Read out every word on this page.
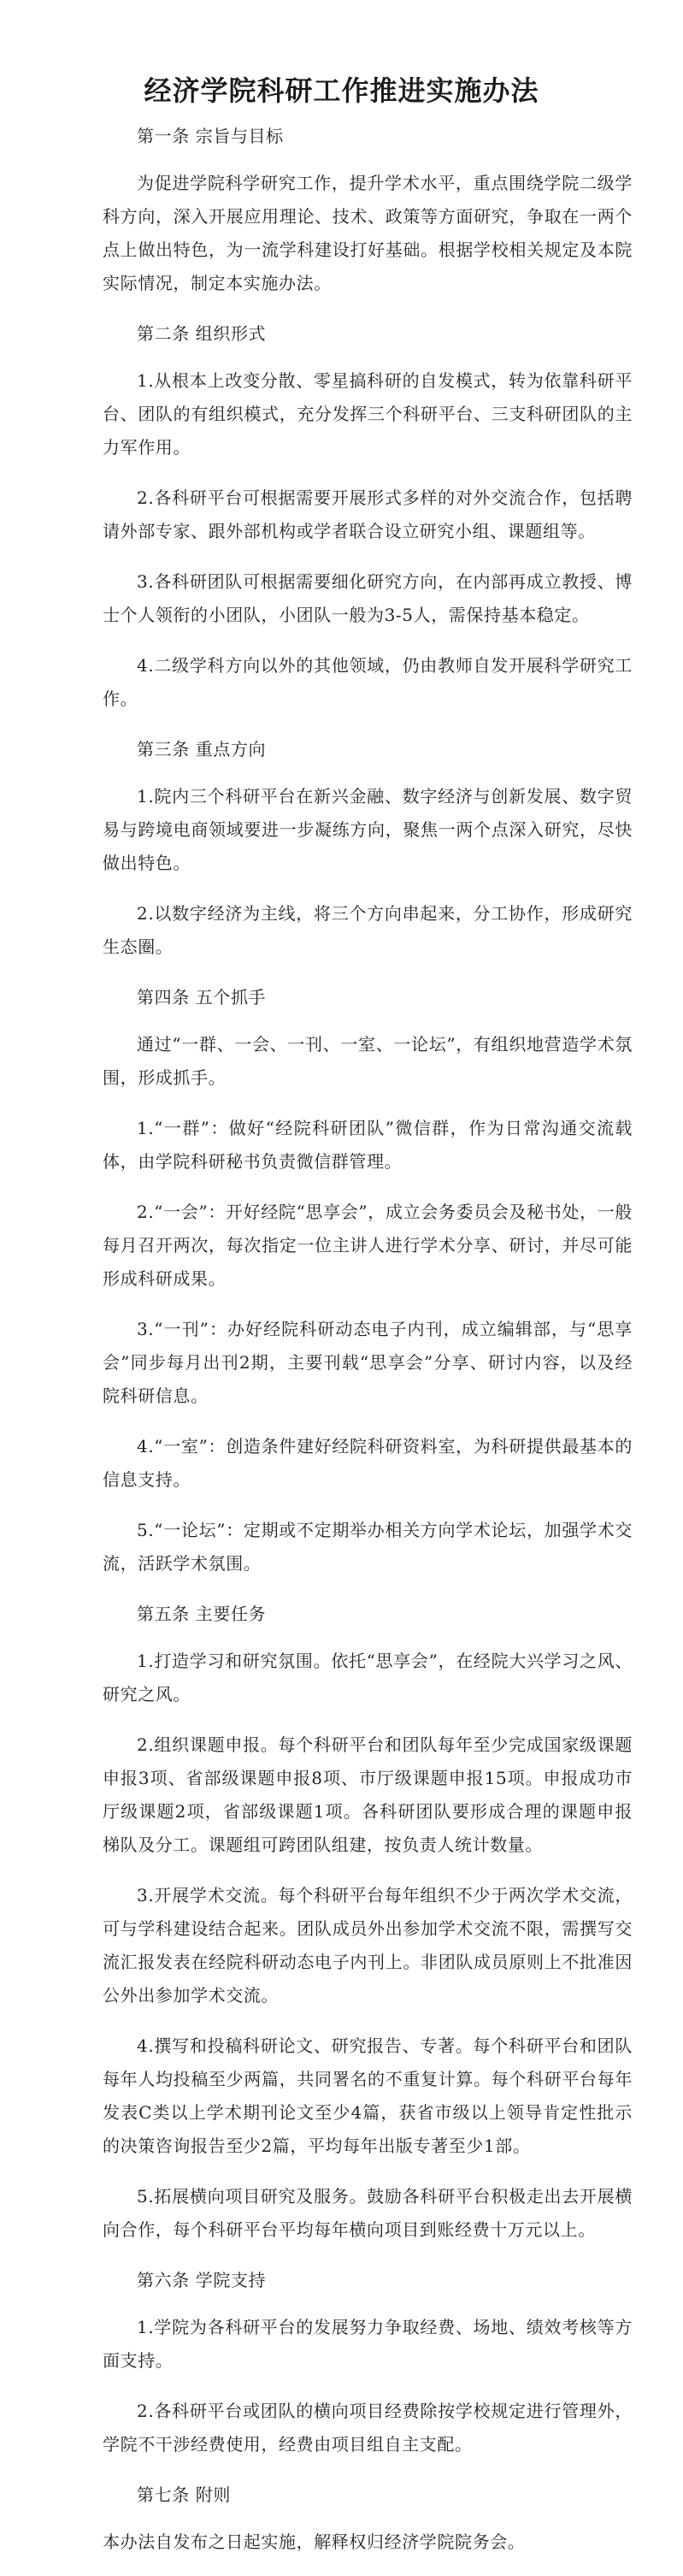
经济学院科研工作推进实施办法

第一条 宗旨与目标

为促进学院科学研究工作，提升学术水平，重点围绕学院二级学科方向，深入开展应用理论、技术、政策等方面研究，争取在一两个点上做出特色，为一流学科建设打好基础。根据学校相关规定及本院实际情况，制定本实施办法。

第二条 组织形式

1.从根本上改变分散、零星搞科研的自发模式，转为依靠科研平台、团队的有组织模式，充分发挥三个科研平台、三支科研团队的主力军作用。

2.各科研平台可根据需要开展形式多样的对外交流合作，包括聘请外部专家、跟外部机构或学者联合设立研究小组、课题组等。

3.各科研团队可根据需要细化研究方向，在内部再成立教授、博士个人领衔的小团队，小团队一般为3-5人，需保持基本稳定。

4.二级学科方向以外的其他领域，仍由教师自发开展科学研究工作。

第三条 重点方向

1.院内三个科研平台在新兴金融、数字经济与创新发展、数字贸易与跨境电商领域要进一步凝练方向，聚焦一两个点深入研究，尽快做出特色。

2.以数字经济为主线，将三个方向串起来，分工协作，形成研究生态圈。

第四条 五个抓手

通过“一群、一会、一刊、一室、一论坛”，有组织地营造学术氛围，形成抓手。

1.“一群”：做好“经院科研团队”微信群，作为日常沟通交流载体，由学院科研秘书负责微信群管理。

2.“一会”：开好经院“思享会”，成立会务委员会及秘书处，一般每月召开两次，每次指定一位主讲人进行学术分享、研讨，并尽可能形成科研成果。

3.“一刊”：办好经院科研动态电子内刊，成立编辑部，与“思享会”同步每月出刊2期，主要刊载“思享会”分享、研讨内容，以及经院科研信息。

4.“一室”：创造条件建好经院科研资料室，为科研提供最基本的信息支持。

5.“一论坛”：定期或不定期举办相关方向学术论坛，加强学术交流，活跃学术氛围。

第五条 主要任务

1.打造学习和研究氛围。依托“思享会”，在经院大兴学习之风、研究之风。

2.组织课题申报。每个科研平台和团队每年至少完成国家级课题申报3项、省部级课题申报8项、市厅级课题申报15项。申报成功市厅级课题2项，省部级课题1项。各科研团队要形成合理的课题申报梯队及分工。课题组可跨团队组建，按负责人统计数量。

3.开展学术交流。每个科研平台每年组织不少于两次学术交流，可与学科建设结合起来。团队成员外出参加学术交流不限，需撰写交流汇报发表在经院科研动态电子内刊上。非团队成员原则上不批准因公外出参加学术交流。

4.撰写和投稿科研论文、研究报告、专著。每个科研平台和团队每年人均投稿至少两篇，共同署名的不重复计算。每个科研平台每年发表C类以上学术期刊论文至少4篇，获省市级以上领导肯定性批示的决策咨询报告至少2篇，平均每年出版专著至少1部。

5.拓展横向项目研究及服务。鼓励各科研平台积极走出去开展横向合作，每个科研平台平均每年横向项目到账经费十万元以上。

第六条 学院支持

1.学院为各科研平台的发展努力争取经费、场地、绩效考核等方面支持。

2.各科研平台或团队的横向项目经费除按学校规定进行管理外，学院不干涉经费使用，经费由项目组自主支配。

第七条 附则

本办法自发布之日起实施，解释权归经济学院院务会。
